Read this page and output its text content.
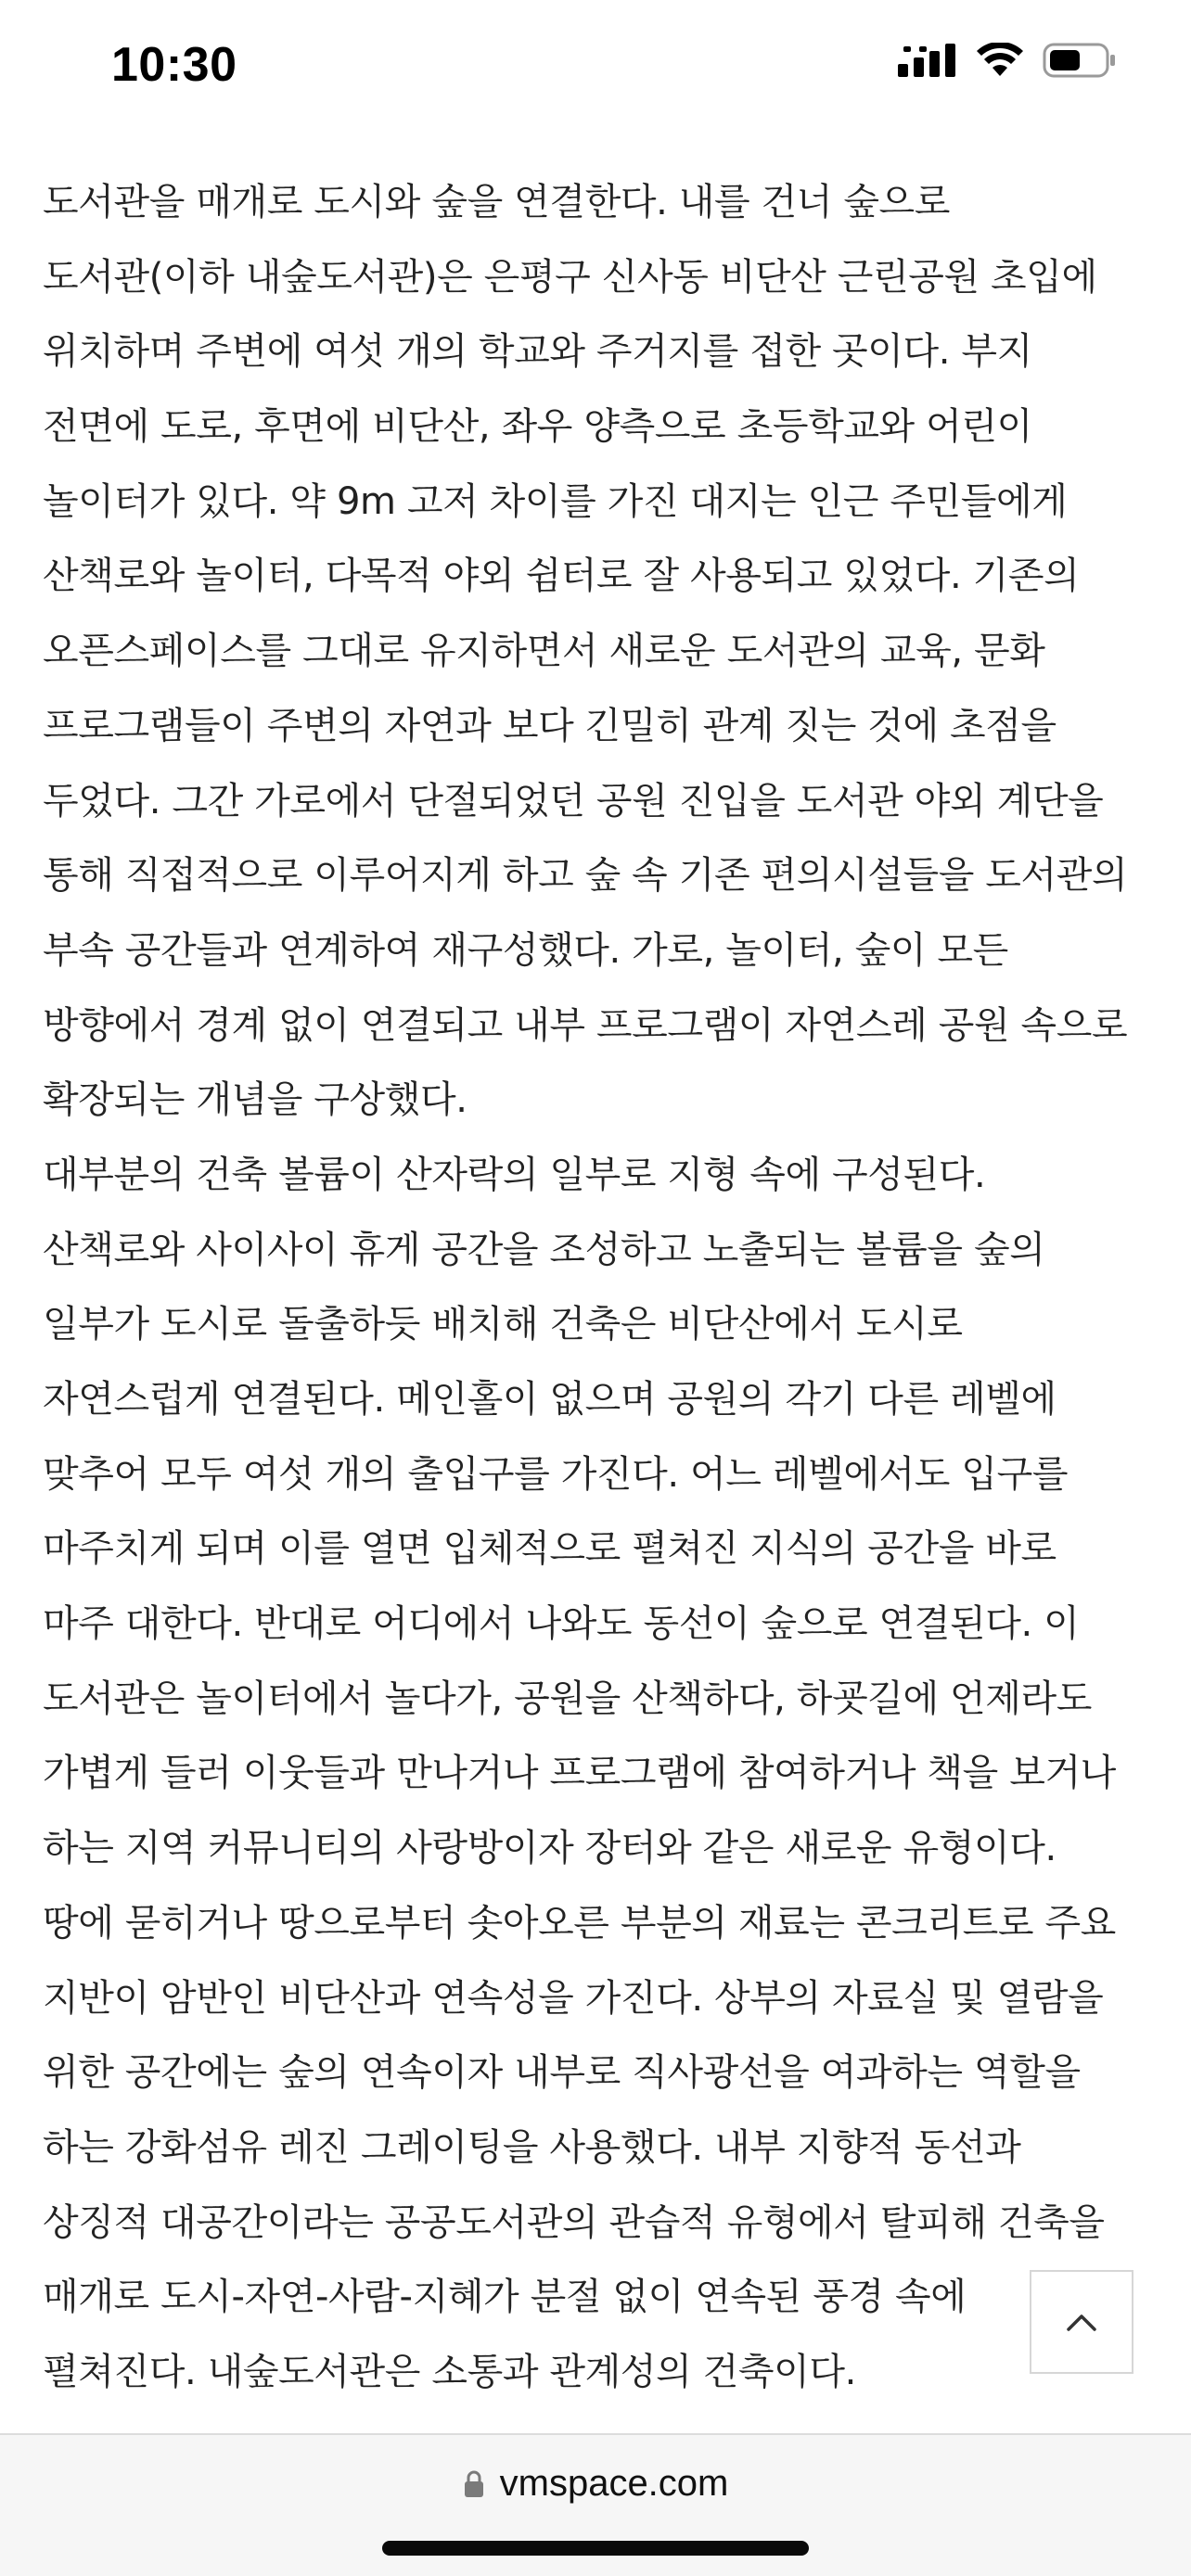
10:30
도서관을 매개로 도시와 숲을 연결한다. 내를 건너 숲으로
도서관(이하 내숲도서관)은 은평구 신사동 비단산 근린공원 초입에
위치하며 주변에 여섯 개의 학교와 주거지를 접한 곳이다. 부지
전면에 도로, 후면에 비단산, 좌우 양측으로 초등학교와 어린이
놀이터가 있다. 약 9m 고저 차이를 가진 대지는 인근 주민들에게
산책로와 놀이터, 다목적 야외 쉼터로 잘 사용되고 있었다. 기존의
오픈스페이스를 그대로 유지하면서 새로운 도서관의 교육, 문화
프로그램들이 주변의 자연과 보다 긴밀히 관계 짓는 것에 초점을
두었다. 그간 가로에서 단절되었던 공원 진입을 도서관 야외 계단을
통해 직접적으로 이루어지게 하고 숲 속 기존 편의시설들을 도서관의
부속 공간들과 연계하여 재구성했다. 가로, 놀이터, 숲이 모든
방향에서 경계 없이 연결되고 내부 프로그램이 자연스레 공원 속으로
확장되는 개념을 구상했다.
대부분의 건축 볼륨이 산자락의 일부로 지형 속에 구성된다.
산책로와 사이사이 휴게 공간을 조성하고 노출되는 볼륨을 숲의
일부가 도시로 돌출하듯 배치해 건축은 비단산에서 도시로
자연스럽게 연결된다. 메인홀이 없으며 공원의 각기 다른 레벨에
맞추어 모두 여섯 개의 출입구를 가진다. 어느 레벨에서도 입구를
마주치게 되며 이를 열면 입체적으로 펼쳐진 지식의 공간을 바로
마주 대한다. 반대로 어디에서 나와도 동선이 숲으로 연결된다. 이
도서관은 놀이터에서 놀다가, 공원을 산책하다, 하굣길에 언제라도
가볍게 들러 이웃들과 만나거나 프로그램에 참여하거나 책을 보거나
하는 지역 커뮤니티의 사랑방이자 장터와 같은 새로운 유형이다.
땅에 묻히거나 땅으로부터 솟아오른 부분의 재료는 콘크리트로 주요
지반이 암반인 비단산과 연속성을 가진다. 상부의 자료실 및 열람을
위한 공간에는 숲의 연속이자 내부로 직사광선을 여과하는 역할을
하는 강화섬유 레진 그레이팅을 사용했다. 내부 지향적 동선과
상징적 대공간이라는 공공도서관의 관습적 유형에서 탈피해 건축을
매개로 도시-자연-사람-지혜가 분절 없이 연속된 풍경 속에
펼쳐진다. 내숲도서관은 소통과 관계성의 건축이다.
vmspace.com
